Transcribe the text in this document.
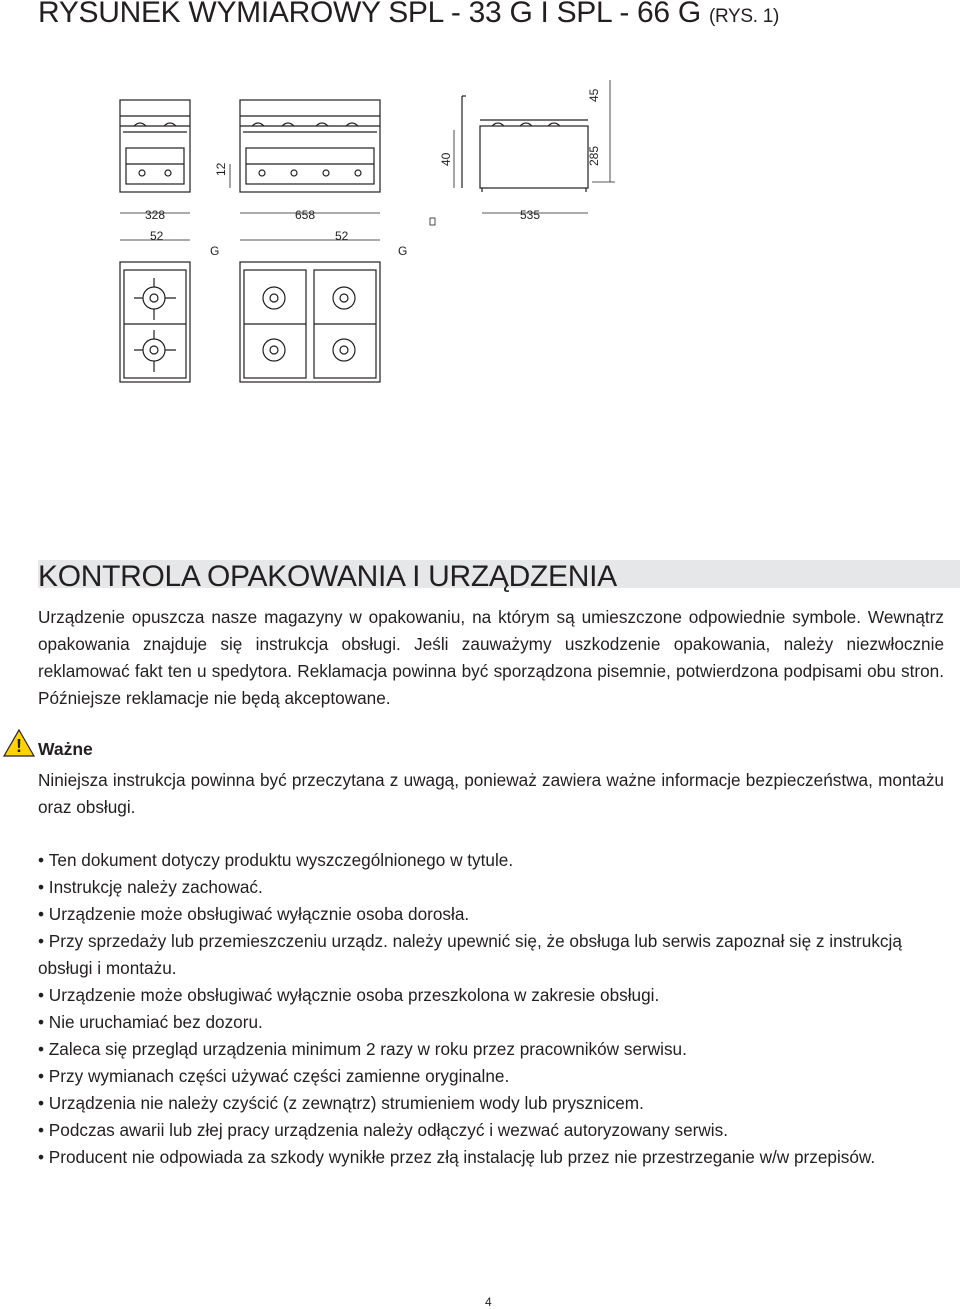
RYSUNEK WYMIAROWY SPL - 33 G I SPL - 66 G (RYS. 1)
45
285
40
12
328	658	535
52	52
G	G
KONTROLA OPAKOWANIA I URZĄDZENIA
Urządzenie opuszcza nasze magazyny w opakowaniu, na którym są umieszczone odpowiednie symbole. Wewnątrz opakowania znajduje się instrukcja obsługi. Jeśli zauważymy uszkodzenie opakowania, należy niezwłocznie reklamować fakt ten u spedytora. Reklamacja powinna być sporządzona pisemnie, potwierdzona podpisami obu stron. Późniejsze reklamacje nie będą akceptowane.
! Ważne
Niniejsza instrukcja powinna być przeczytana z uwagą, ponieważ zawiera ważne informacje bezpieczeństwa, montażu oraz obsługi.
• Ten dokument dotyczy produktu wyszczególnionego w tytule.
• Instrukcję należy zachować.
• Urządzenie może obsługiwać wyłącznie osoba dorosła.
• Przy sprzedaży lub przemieszczeniu urządz. należy upewnić się, że obsługa lub serwis zapoznał się z instrukcją obsługi i montażu.
• Urządzenie może obsługiwać wyłącznie osoba przeszkolona w zakresie obsługi.
• Nie uruchamiać bez dozoru.
• Zaleca się przegląd urządzenia minimum 2 razy w roku przez pracowników serwisu.
• Przy wymianach części używać części zamienne oryginalne.
• Urządzenia nie należy czyścić (z zewnątrz) strumieniem wody lub prysznicem.
• Podczas awarii lub złej pracy urządzenia należy odłączyć i wezwać autoryzowany serwis.
• Producent nie odpowiada za szkody wynikłe przez złą instalację lub przez nie przestrzeganie w/w przepisów.
4
